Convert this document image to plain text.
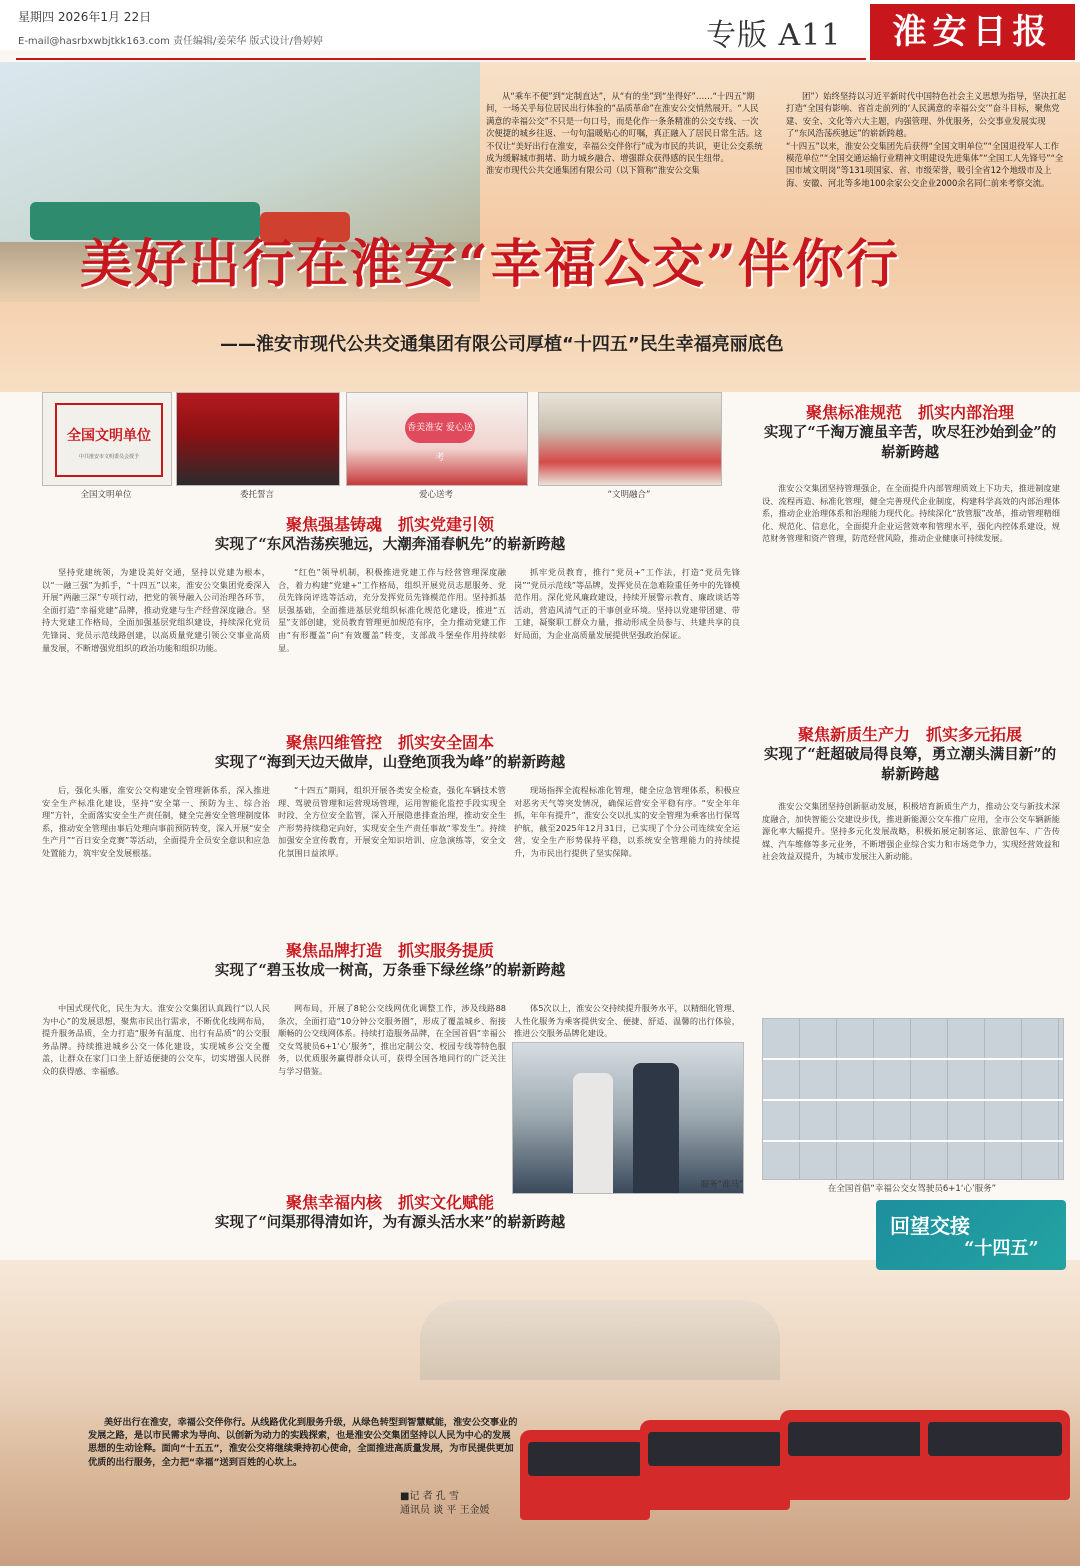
星期四 2026年1月 22日
E-mail@hasrbxwbjtkk163.com 责任编辑/姜荣华 版式设计/鲁婷婷	专版 A11	淮安日报
从“乘车不便”到“定制直达”，从“有的坐”到“坐得好”……“十四五”期间，一场关乎每位居民出行体验的“品质革命”在淮安公交悄然展开。“人民满意的幸福公交”不只是一句口号，而是化作一条条精准的公交专线、一次次便捷的城乡往返、一句句温暖贴心的叮嘱，真正融入了居民日常生活。这不仅让“美好出行在淮安，幸福公交伴你行”成为市民的共识，更让公交系统成为缓解城市拥堵、助力城乡融合、增强群众获得感的民生纽带。
淮安市现代公共交通集团有限公司（以下简称“淮安公交集
团”）始终坚持以习近平新时代中国特色社会主义思想为指导，坚决扛起打造“全国有影响、省首走前列的‘人民满意的幸福公交’”奋斗目标，聚焦党建、安全、文化等六大主题，内强管理、外优服务，公交事业发展实现了“东风浩荡疾驰远”的崭新跨越。
“十四五”以来，淮安公交集团先后获得“全国文明单位”“全国退役军人工作模范单位”“全国交通运输行业精神文明建设先进集体”“全国工人先锋号”“全国市域文明岗”等131项国家、省、市级荣誉，吸引全省12个地级市及上海、安徽、河北等多地100余家公交企业2000余名同仁前来考察交流。
美好出行在淮安“幸福公交”伴你行
——淮安市现代公共交通集团有限公司厚植“十四五”民生幸福亮丽底色
全国文明单位
中共淮安市文明委员会授予
香美淮安 爱心送考
全国文明单位	委托誓言	爱心送考	“文明融合”
聚焦强基铸魂　抓实党建引领
实现了“东风浩荡疾驰远，大潮奔涌春帆先”的崭新跨越
坚持党建统领，为建设美好交通，坚持以党建为根本，以“一融三强”为抓手，“十四五”以来，淮安公交集团党委深入开展“两融三深”专项行动，把党的领导融入公司治理各环节，全面打造“幸福党建”品牌，推动党建与生产经营深度融合。坚持大党建工作格局，全面加强基层党组织建设，持续深化党员先锋岗、党员示范线路创建，以高质量党建引领公交事业高质量发展，不断增强党组织的政治功能和组织功能。
“红色”领导机制，积极推进党建工作与经营管理深度融合，着力构建“党建+”工作格局，组织开展党员志愿服务、党员先锋岗评选等活动，充分发挥党员先锋模范作用。坚持抓基层强基础，全面推进基层党组织标准化规范化建设，推进“五星”支部创建，党员教育管理更加规范有序，全力推动党建工作由“有形覆盖”向“有效覆盖”转变，支部战斗堡垒作用持续彰显。
抓牢党员教育，推行“党员+”工作法，打造“党员先锋岗”“党员示范线”等品牌，发挥党员在急难险重任务中的先锋模范作用。深化党风廉政建设，持续开展警示教育、廉政谈话等活动，营造风清气正的干事创业环境。坚持以党建带团建、带工建，凝聚职工群众力量，推动形成全员参与、共建共享的良好局面，为企业高质量发展提供坚强政治保证。
聚焦四维管控　抓实安全固本
实现了“海到天边天做岸，山登绝顶我为峰”的崭新跨越
后，强化头雁，淮安公交构建安全管理新体系，深入推进安全生产标准化建设，坚持“安全第一、预防为主、综合治理”方针，全面落实安全生产责任制，健全完善安全管理制度体系，推动安全管理由事后处理向事前预防转变，深入开展“安全生产月”“百日安全竞赛”等活动，全面提升全员安全意识和应急处置能力，筑牢安全发展根基。
“十四五”期间，组织开展各类安全检查，强化车辆技术管理、驾驶员管理和运营现场管理，运用智能化监控手段实现全时段、全方位安全监管，深入开展隐患排查治理，推动安全生产形势持续稳定向好，实现安全生产责任事故“零发生”。持续加强安全宣传教育，开展安全知识培训、应急演练等，安全文化氛围日益浓厚。
现场指挥全流程标准化管理，健全应急管理体系，积极应对恶劣天气等突发情况，确保运营安全平稳有序。“安全年年抓，年年有提升”，淮安公交以扎实的安全管理为乘客出行保驾护航，截至2025年12月31日，已实现了个分公司连续安全运营，安全生产形势保持平稳，以系统安全管理能力的持续提升，为市民出行提供了坚实保障。
聚焦品牌打造　抓实服务提质
实现了“碧玉妆成一树高，万条垂下绿丝绦”的崭新跨越
中国式现代化，民生为大。淮安公交集团认真践行“以人民为中心”的发展思想，聚焦市民出行需求，不断优化线网布局，提升服务品质，全力打造“服务有温度、出行有品质”的公交服务品牌。持续推进城乡公交一体化建设，实现城乡公交全覆盖，让群众在家门口坐上舒适便捷的公交车，切实增强人民群众的获得感、幸福感。
网布局，开展了8轮公交线网优化调整工作，涉及线路88条次，全面打造“10分钟公交服务圈”，形成了覆盖城乡、衔接顺畅的公交线网体系。持续打造服务品牌，在全国首倡“幸福公交女驾驶员6+1‘心’服务”，推出定制公交、校园专线等特色服务，以优质服务赢得群众认可，获得全国各地同行的广泛关注与学习借鉴。
体5次以上，淮安公交持续提升服务水平，以精细化管理、人性化服务为乘客提供安全、便捷、舒适、温馨的出行体验，推进公交服务品牌化建设。
服务“淮马”
聚焦幸福内核　抓实文化赋能
实现了“问渠那得清如许，为有源头活水来”的崭新跨越
聚焦标准规范　抓实内部治理
实现了“千淘万漉虽辛苦，吹尽狂沙始到金”的崭新跨越
淮安公交集团坚持管理强企，在全面提升内部管理质效上下功夫，推进制度建设、流程再造、标准化管理，健全完善现代企业制度，构建科学高效的内部治理体系，推动企业治理体系和治理能力现代化。持续深化“放管服”改革，推动管理精细化、规范化、信息化，全面提升企业运营效率和管理水平，强化内控体系建设，规范财务管理和资产管理，防范经营风险，推动企业健康可持续发展。
聚焦新质生产力　抓实多元拓展
实现了“赶超破局得良筹，勇立潮头满目新”的崭新跨越
淮安公交集团坚持创新驱动发展，积极培育新质生产力，推动公交与新技术深度融合，加快智能公交建设步伐，推进新能源公交车推广应用，全市公交车辆新能源化率大幅提升。坚持多元化发展战略，积极拓展定制客运、旅游包车、广告传媒、汽车维修等多元业务，不断增强企业综合实力和市场竞争力，实现经营效益和社会效益双提升，为城市发展注入新动能。
在全国首倡“幸福公交女驾驶员6+1‘心’服务”
回望交接
“十四五”
美好出行在淮安，幸福公交伴你行。从线路优化到服务升级，从绿色转型到智慧赋能，淮安公交事业的发展之路，是以市民需求为导向、以创新为动力的实践探索，也是淮安公交集团坚持以人民为中心的发展思想的生动诠释。面向“十五五”，淮安公交将继续秉持初心使命，全面推进高质量发展，为市民提供更加优质的出行服务，全力把“幸福”送到百姓的心坎上。
■记 者 孔 雪
通讯员 谈 平 王金媛
